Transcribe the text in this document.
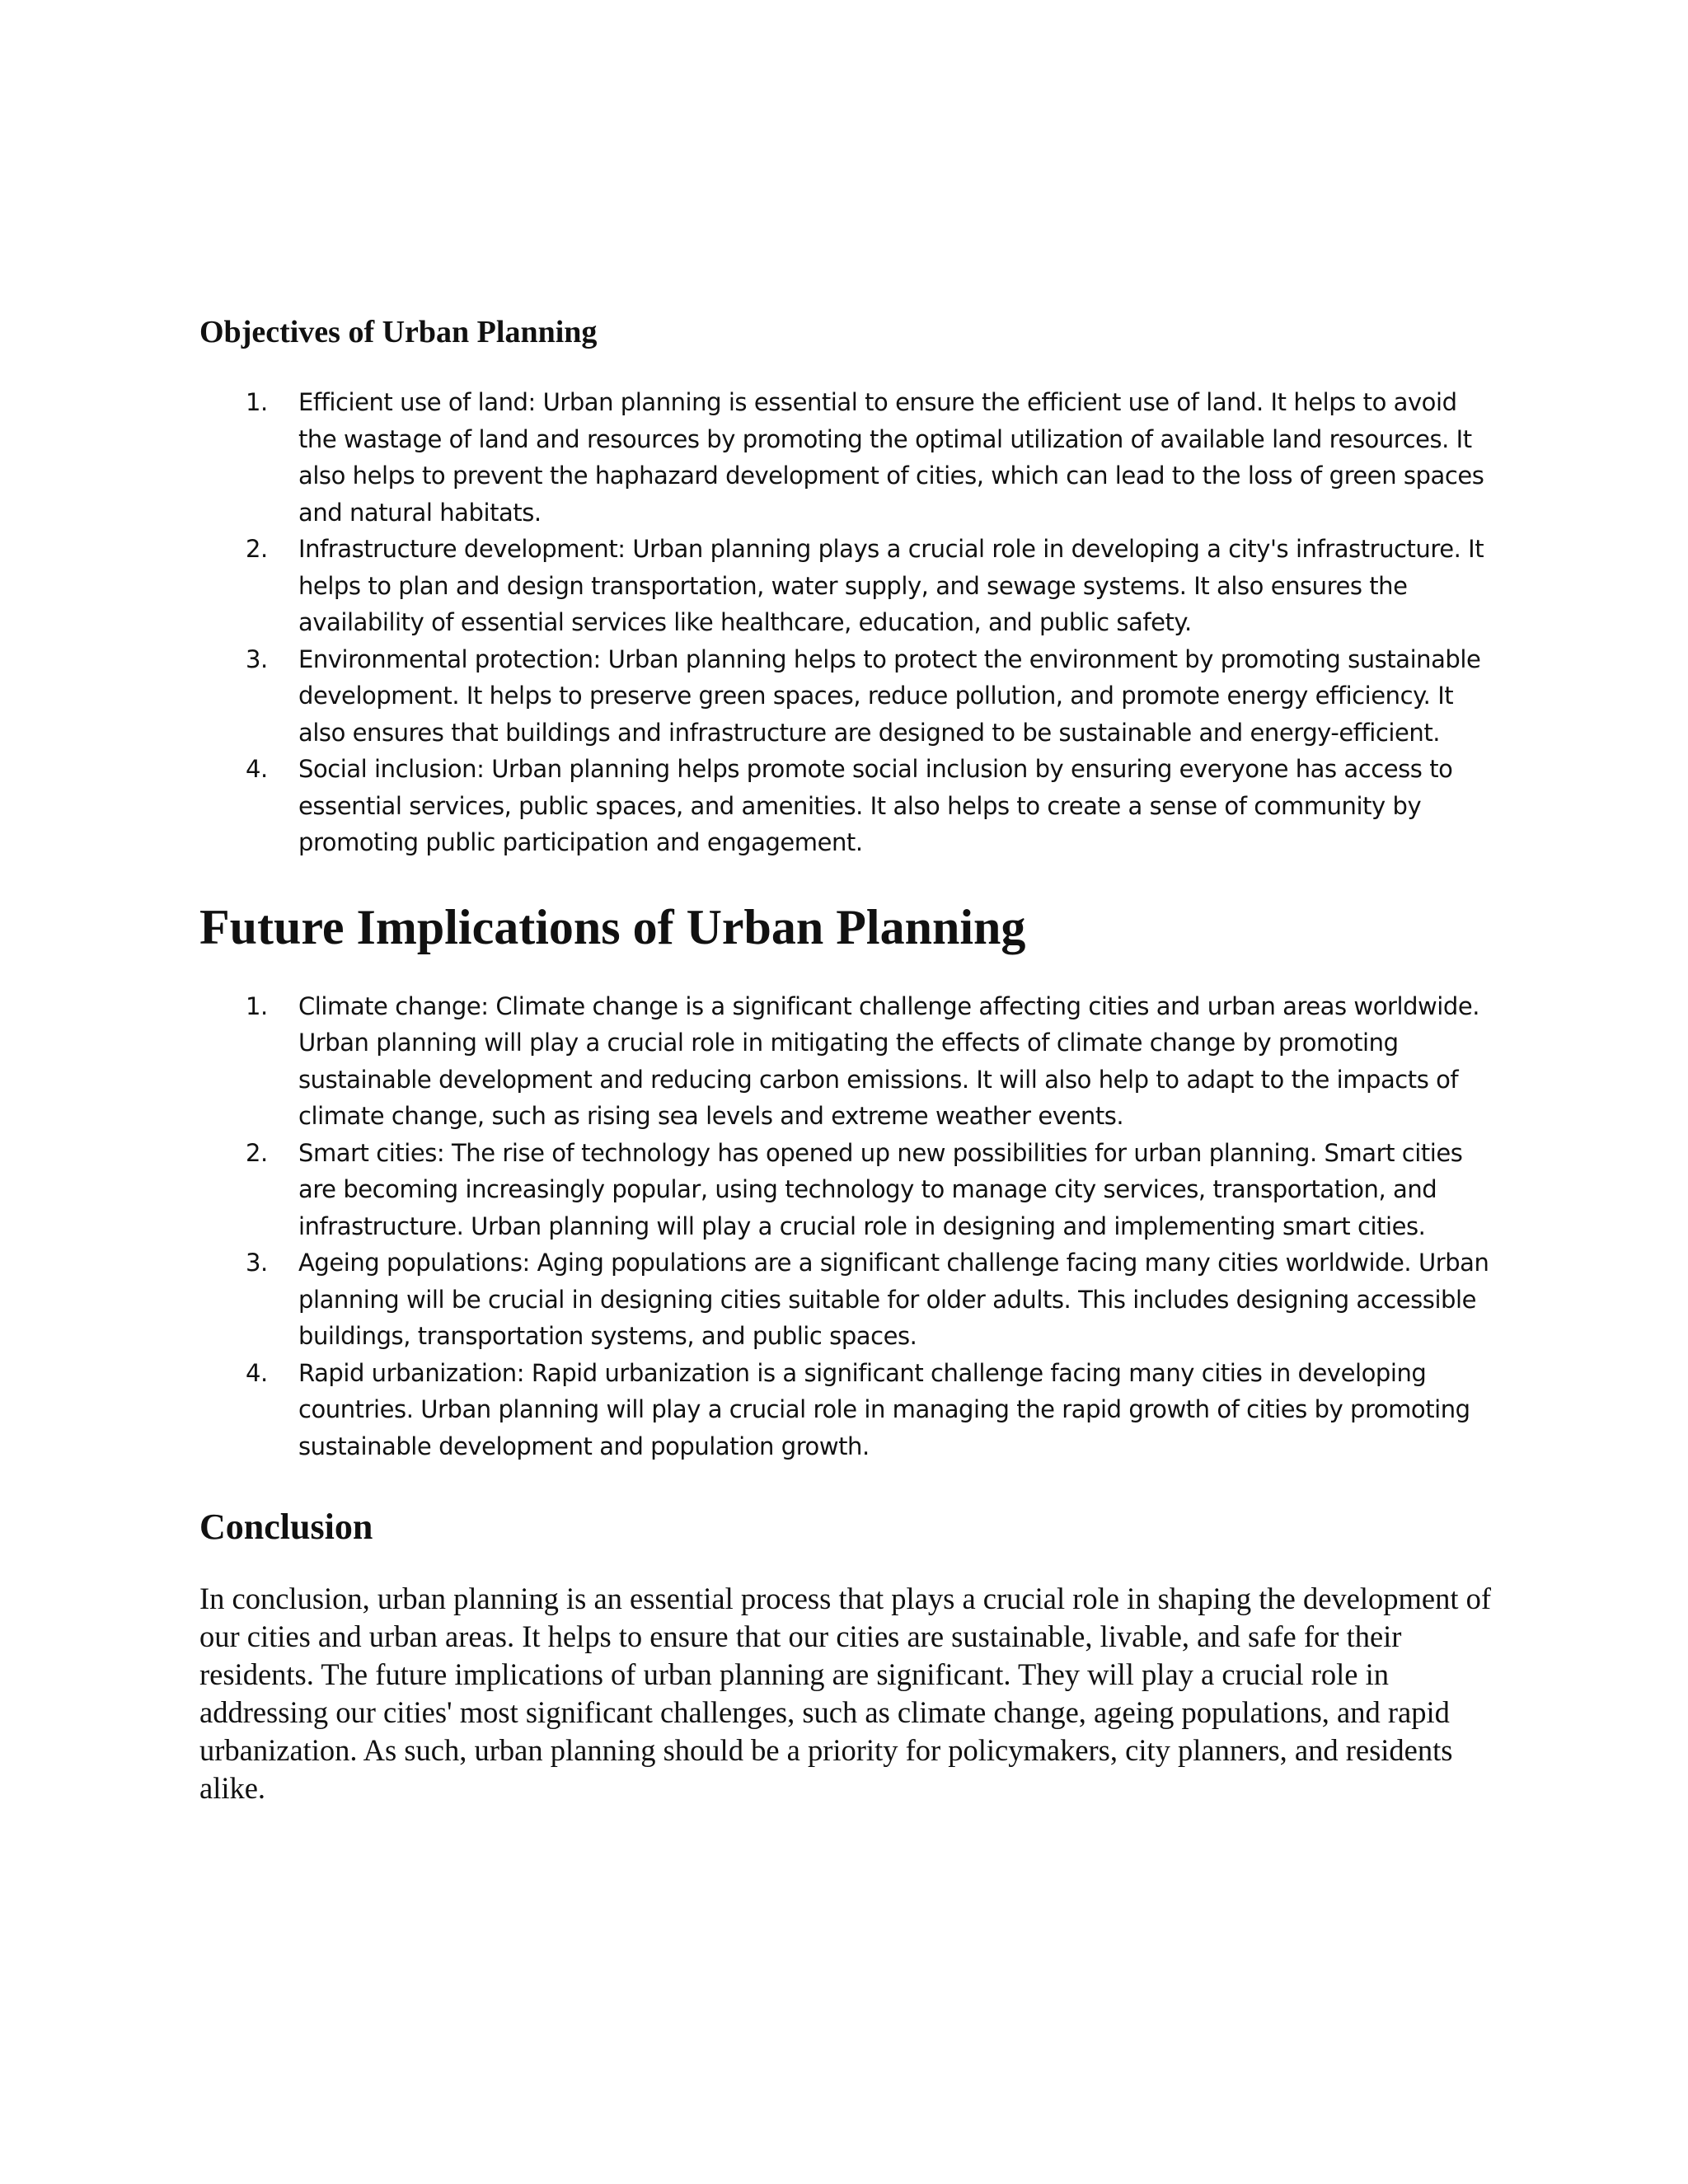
Objectives of Urban Planning
1. Efficient use of land: Urban planning is essential to ensure the efficient use of land. It helps to avoid the wastage of land and resources by promoting the optimal utilization of available land resources. It also helps to prevent the haphazard development of cities, which can lead to the loss of green spaces and natural habitats.
2. Infrastructure development: Urban planning plays a crucial role in developing a city's infrastructure. It helps to plan and design transportation, water supply, and sewage systems. It also ensures the availability of essential services like healthcare, education, and public safety.
3. Environmental protection: Urban planning helps to protect the environment by promoting sustainable development. It helps to preserve green spaces, reduce pollution, and promote energy efficiency. It also ensures that buildings and infrastructure are designed to be sustainable and energy-efficient.
4. Social inclusion: Urban planning helps promote social inclusion by ensuring everyone has access to essential services, public spaces, and amenities. It also helps to create a sense of community by promoting public participation and engagement.
Future Implications of Urban Planning
1. Climate change: Climate change is a significant challenge affecting cities and urban areas worldwide. Urban planning will play a crucial role in mitigating the effects of climate change by promoting sustainable development and reducing carbon emissions. It will also help to adapt to the impacts of climate change, such as rising sea levels and extreme weather events.
2. Smart cities: The rise of technology has opened up new possibilities for urban planning. Smart cities are becoming increasingly popular, using technology to manage city services, transportation, and infrastructure. Urban planning will play a crucial role in designing and implementing smart cities.
3. Ageing populations: Aging populations are a significant challenge facing many cities worldwide. Urban planning will be crucial in designing cities suitable for older adults. This includes designing accessible buildings, transportation systems, and public spaces.
4. Rapid urbanization: Rapid urbanization is a significant challenge facing many cities in developing countries. Urban planning will play a crucial role in managing the rapid growth of cities by promoting sustainable development and population growth.
Conclusion

In conclusion, urban planning is an essential process that plays a crucial role in shaping the development of our cities and urban areas. It helps to ensure that our cities are sustainable, livable, and safe for their residents. The future implications of urban planning are significant. They will play a crucial role in addressing our cities' most significant challenges, such as climate change, ageing populations, and rapid urbanization. As such, urban planning should be a priority for policymakers, city planners, and residents alike.
